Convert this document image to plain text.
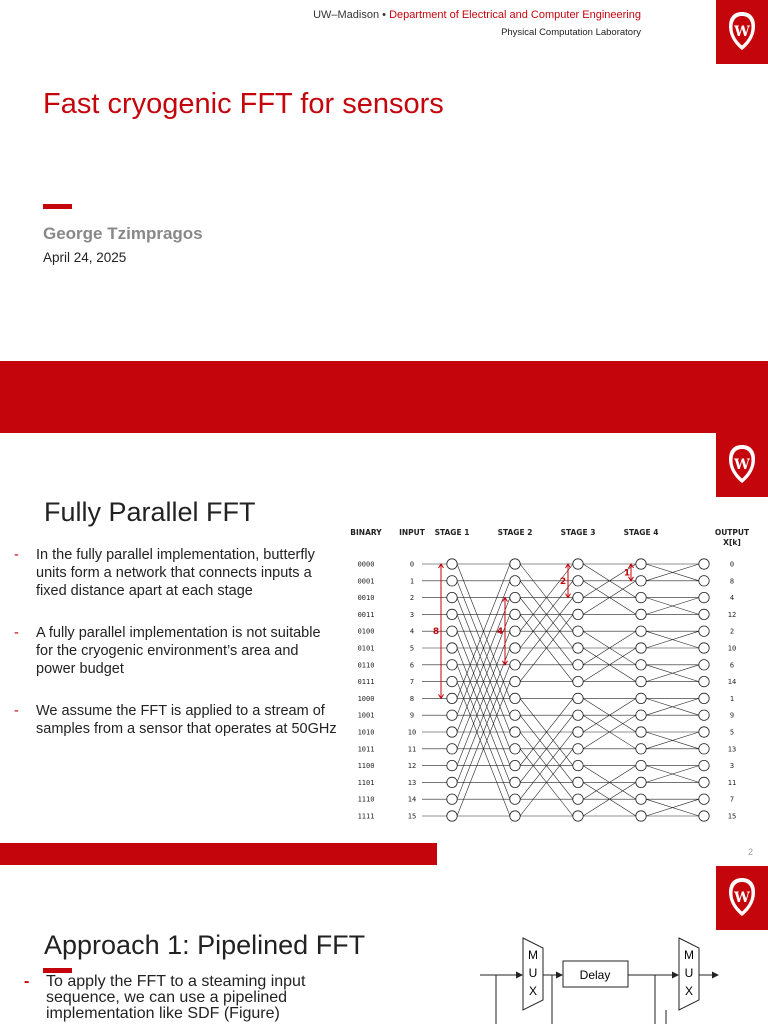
UW–Madison • Department of Electrical and Computer Engineering
Physical Computation Laboratory	W
Fast cryogenic FFT for sensors
George Tzimpragos
April 24, 2025
W
Fully Parallel FFT
- In the fully parallel implementation, butterfly units form a network that connects inputs a fixed distance apart at each stage
- A fully parallel implementation is not suitable for the cryogenic environment’s area and power budget
- We assume the FFT is applied to a stream of samples from a sensor that operates at 50GHz
BINARY INPUT STAGE 1	STAGE 2	STAGE 3	STAGE 4	OUTPUT
X[k]
0000	0	0
0001	1	8
0010	2	4
0011	3	12
0100	4	2
0101	5	10
0110	6	6
0111	7	14
1000	8	1
1001	9	9
1010	10	5
1011	11	13
1100	12	3
1101	13	11
1110	14	7
1111	15	15
8	4
2
1
2
W
Approach 1: Pipelined FFT
-	To apply the FFT to a steaming input sequence, we can use a pipelined implementation like SDF (Figure)
M
U
X
Delay
M
U
X
